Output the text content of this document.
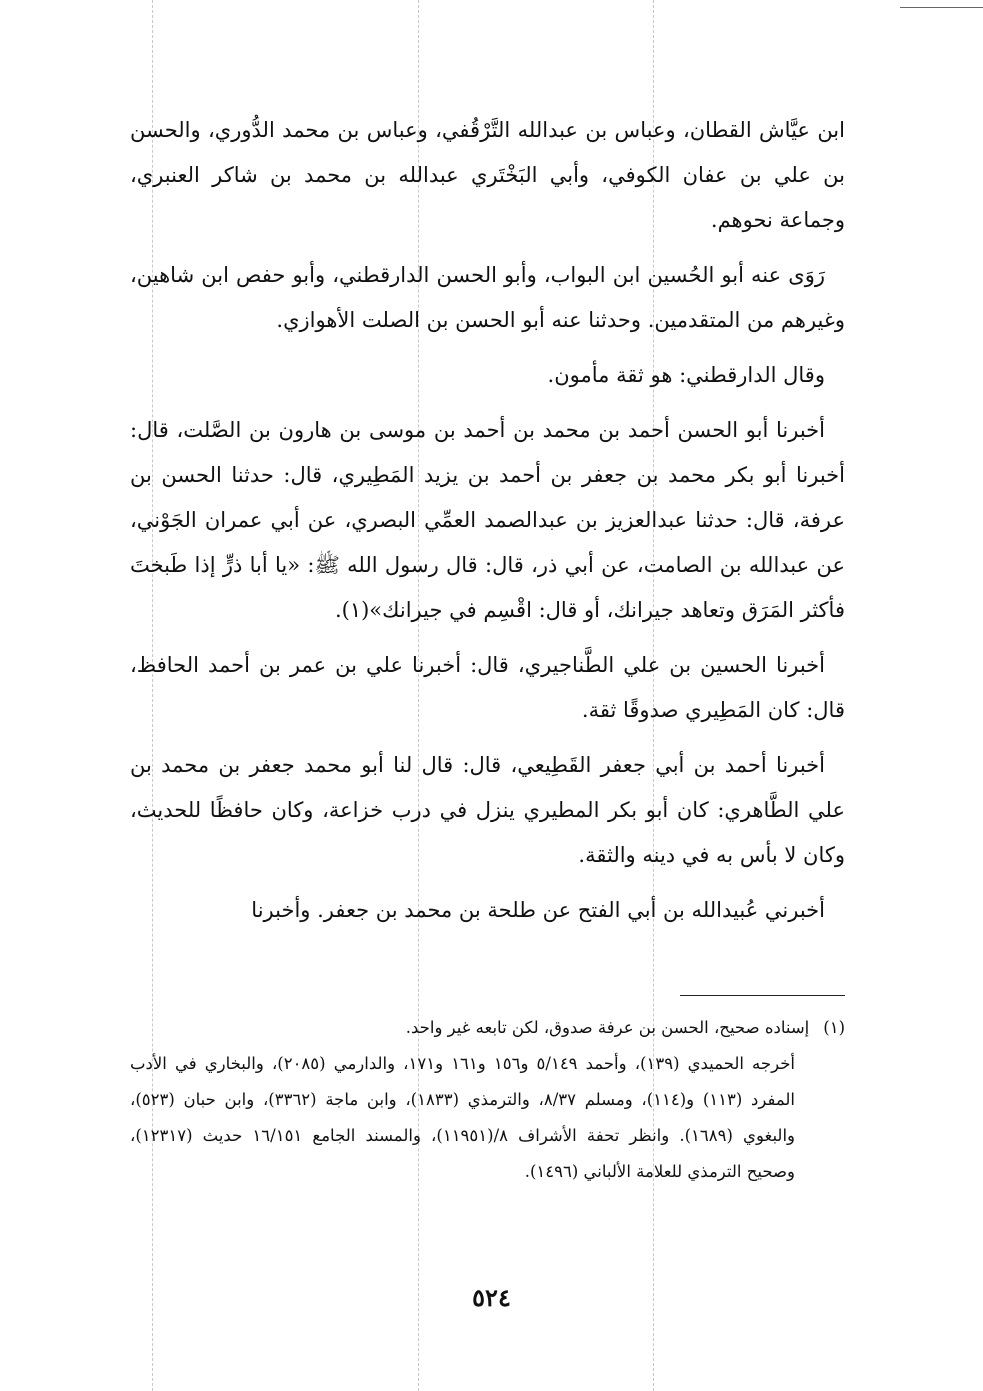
ابن عيَّاش القطان، وعباس بن عبدالله التَّرْقُفي، وعباس بن محمد الدُّوري، والحسن بن علي بن عفان الكوفي، وأبي البَخْتَري عبدالله بن محمد بن شاكر العنبري، وجماعة نحوهم.

رَوَى عنه أبو الحُسين ابن البواب، وأبو الحسن الدارقطني، وأبو حفص ابن شاهين، وغيرهم من المتقدمين. وحدثنا عنه أبو الحسن بن الصلت الأهوازي.

وقال الدارقطني: هو ثقة مأمون.

أخبرنا أبو الحسن أحمد بن محمد بن أحمد بن موسى بن هارون بن الصَّلت، قال: أخبرنا أبو بكر محمد بن جعفر بن أحمد بن يزيد المَطِيري، قال: حدثنا الحسن بن عرفة، قال: حدثنا عبدالعزيز بن عبدالصمد العمِّي البصري، عن أبي عمران الجَوْني، عن عبدالله بن الصامت، عن أبي ذر، قال: قال رسول الله ﷺ: «يا أبا ذرٍّ إذا طَبختَ فأكثر المَرَق وتعاهد جيرانك، أو قال: اقْسِم في جيرانك»(١).

أخبرنا الحسين بن علي الطَّناجيري، قال: أخبرنا علي بن عمر بن أحمد الحافظ، قال: كان المَطِيري صدوقًا ثقة.

أخبرنا أحمد بن أبي جعفر القَطِيعي، قال: قال لنا أبو محمد جعفر بن محمد بن علي الطَّاهري: كان أبو بكر المطيري ينزل في درب خزاعة، وكان حافظًا للحديث، وكان لا بأس به في دينه والثقة.

أخبرني عُبيدالله بن أبي الفتح عن طلحة بن محمد بن جعفر. وأخبرنا

(١)إسناده صحيح، الحسن بن عرفة صدوق، لكن تابعه غير واحد.

أخرجه الحميدي (١٣٩)، وأحمد ٥/١٤٩ و١٥٦ و١٦١ و١٧١، والدارمي (٢٠٨٥)، والبخاري في الأدب المفرد (١١٣) و(١١٤)، ومسلم ٨/٣٧، والترمذي (١٨٣٣)، وابن ماجة (٣٣٦٢)، وابن حبان (٥٢٣)، والبغوي (١٦٨٩). وانظر تحفة الأشراف ٨/(١١٩٥١)، والمسند الجامع ١٦/١٥١ حديث (١٢٣١٧)، وصحيح الترمذي للعلامة الألباني (١٤٩٦).

٥٢٤
